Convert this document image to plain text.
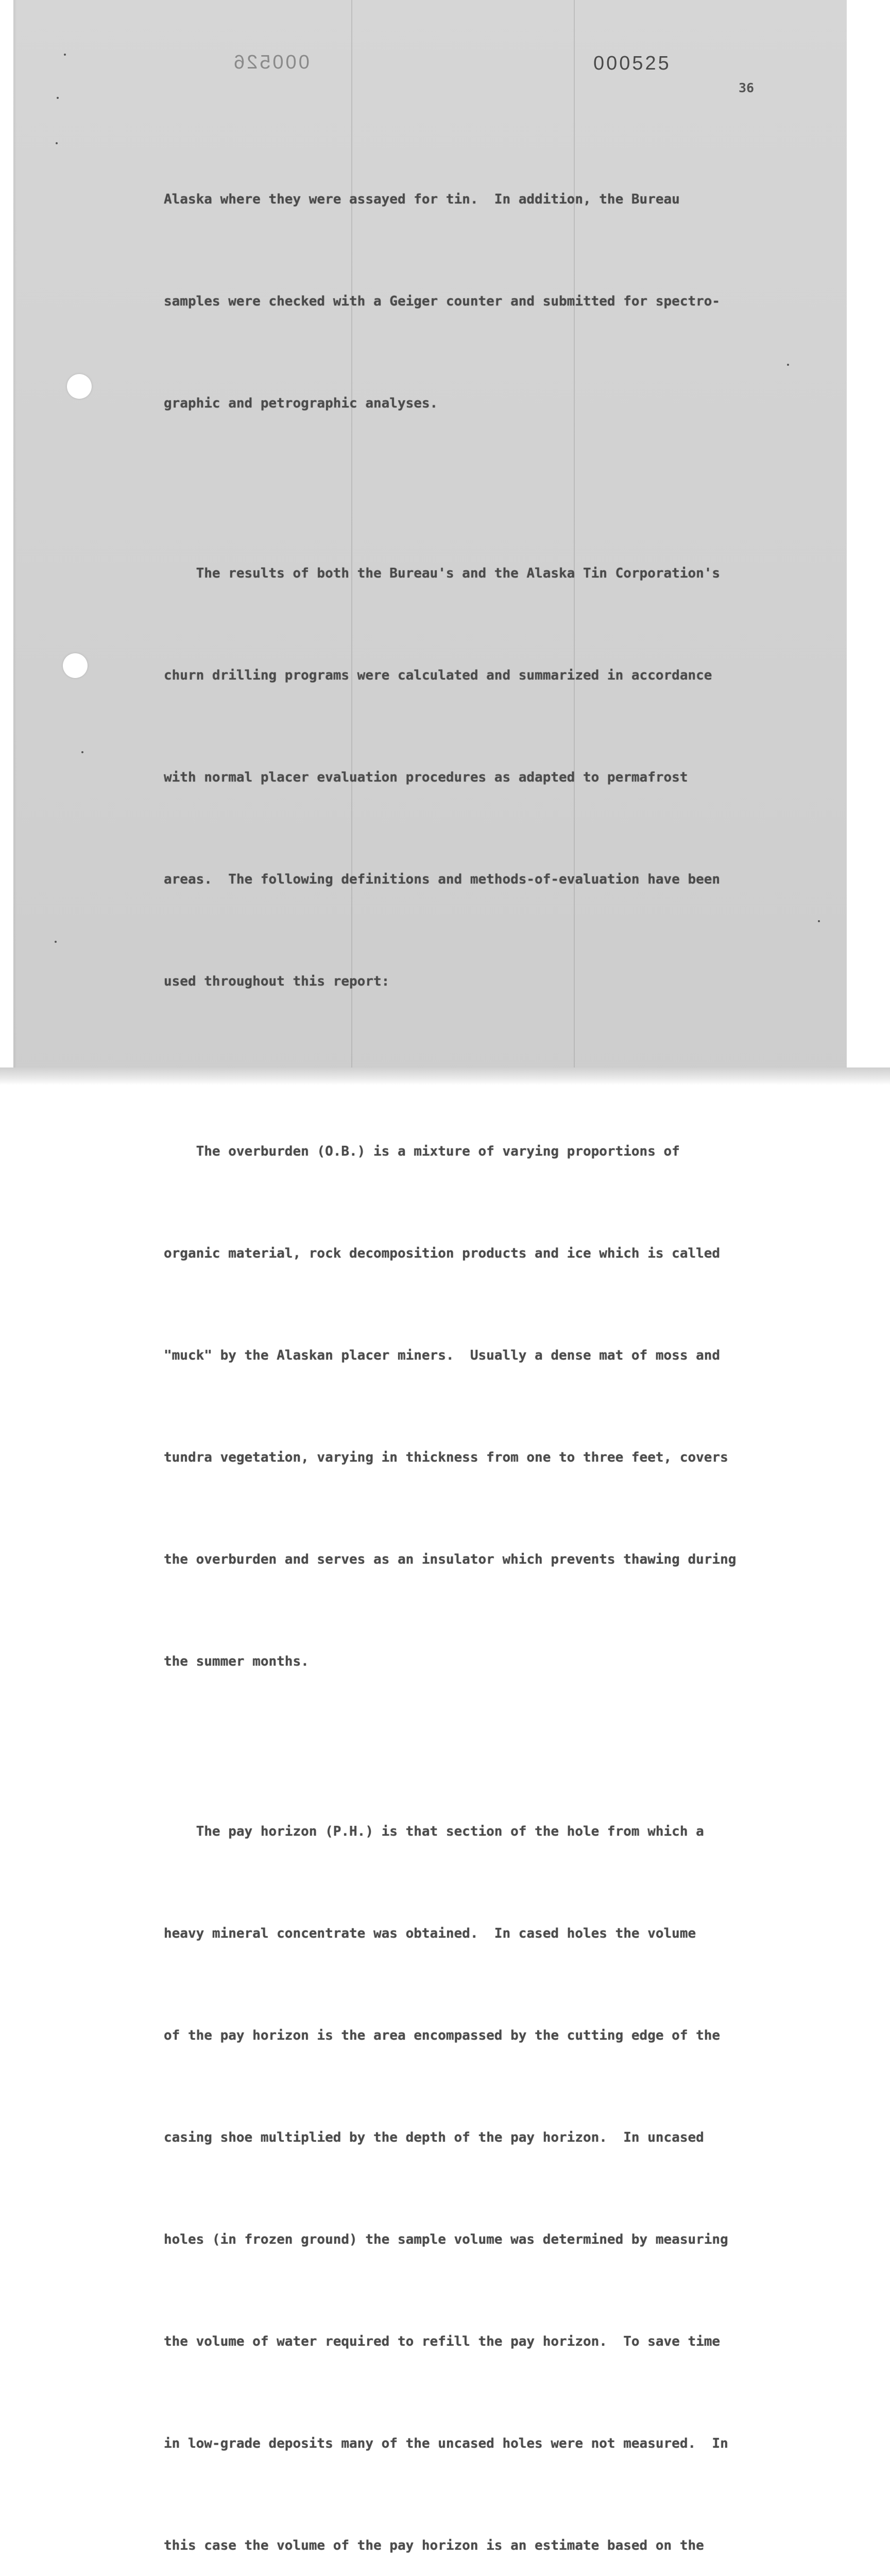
000526	000525
36

Alaska where they were assayed for tin.  In addition, the Bureau

samples were checked with a Geiger counter and submitted for spectro-

graphic and petrographic analyses.

The results of both the Bureau's and the Alaska Tin Corporation's

churn drilling programs were calculated and summarized in accordance

with normal placer evaluation procedures as adapted to permafrost

areas.  The following definitions and methods-of-evaluation have been

used throughout this report:

The overburden (O.B.) is a mixture of varying proportions of

organic material, rock decomposition products and ice which is called

"muck" by the Alaskan placer miners.  Usually a dense mat of moss and

tundra vegetation, varying in thickness from one to three feet, covers

the overburden and serves as an insulator which prevents thawing during

the summer months.

The pay horizon (P.H.) is that section of the hole from which a

heavy mineral concentrate was obtained.  In cased holes the volume

of the pay horizon is the area encompassed by the cutting edge of the

casing shoe multiplied by the depth of the pay horizon.  In uncased

holes (in frozen ground) the sample volume was determined by measuring

the volume of water required to refill the pay horizon.  To save time

in low-grade deposits many of the uncased holes were not measured.  In

this case the volume of the pay horizon is an estimate based on the
